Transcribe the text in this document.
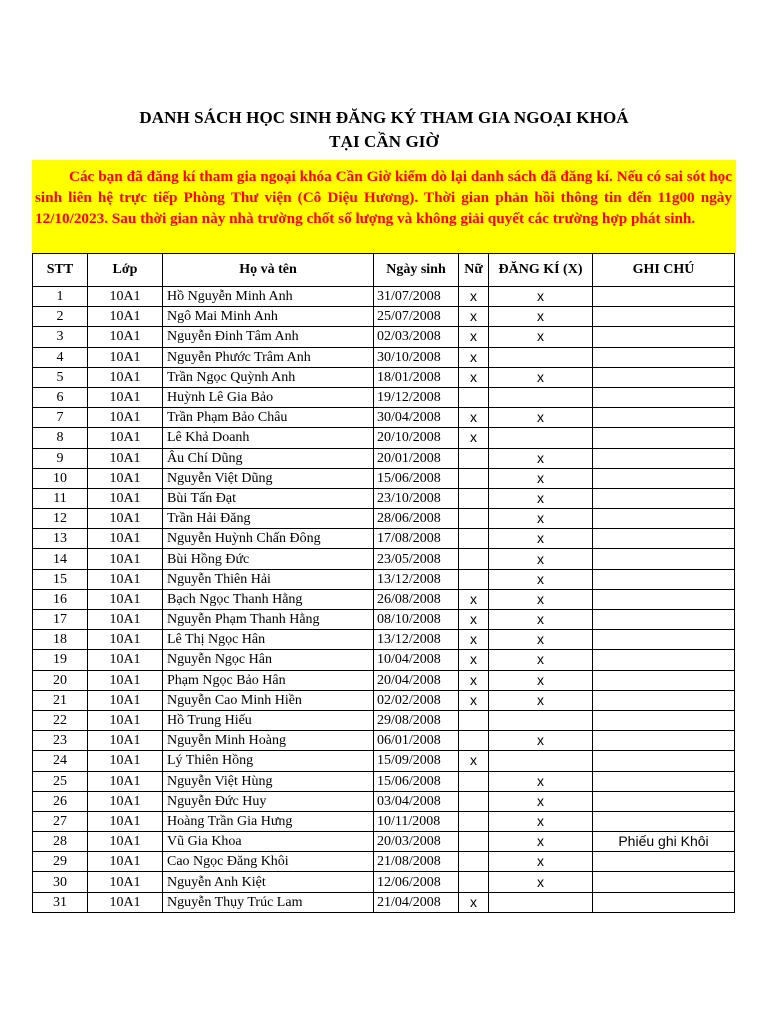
DANH SÁCH HỌC SINH ĐĂNG KÝ THAM GIA NGOẠI KHOÁ
TẠI CẦN GIỜ
Các bạn đã đăng kí tham gia ngoại khóa Cần Giờ kiểm dò lại danh sách đã đăng kí. Nếu có sai sót học sinh liên hệ trực tiếp Phòng Thư viện (Cô Diệu Hương). Thời gian phản hồi thông tin đến 11g00 ngày 12/10/2023. Sau thời gian này nhà trường chốt số lượng và không giải quyết các trường hợp phát sinh.
STT	Lớp	Họ và tên	Ngày sinh	Nữ	ĐĂNG KÍ (X)	GHI CHÚ
1	10A1	Hồ Nguyễn Minh Anh	31/07/2008	x	x	
2	10A1	Ngô Mai Minh Anh	25/07/2008	x	x	
3	10A1	Nguyễn Đinh Tâm Anh	02/03/2008	x	x	
4	10A1	Nguyễn Phước Trâm Anh	30/10/2008	x		
5	10A1	Trần Ngọc Quỳnh Anh	18/01/2008	x	x	
6	10A1	Huỳnh Lê Gia Bảo	19/12/2008			
7	10A1	Trần Phạm Bảo Châu	30/04/2008	x	x	
8	10A1	Lê Khả Doanh	20/10/2008	x		
9	10A1	Âu Chí Dũng	20/01/2008		x	
10	10A1	Nguyễn Việt Dũng	15/06/2008		x	
11	10A1	Bùi Tấn Đạt	23/10/2008		x	
12	10A1	Trần Hải Đăng	28/06/2008		x	
13	10A1	Nguyễn Huỳnh Chấn Đông	17/08/2008		x	
14	10A1	Bùi Hồng Đức	23/05/2008		x	
15	10A1	Nguyễn Thiên Hải	13/12/2008		x	
16	10A1	Bạch Ngọc Thanh Hằng	26/08/2008	x	x	
17	10A1	Nguyễn Phạm Thanh Hằng	08/10/2008	x	x	
18	10A1	Lê Thị Ngọc Hân	13/12/2008	x	x	
19	10A1	Nguyễn Ngọc Hân	10/04/2008	x	x	
20	10A1	Phạm Ngọc Bảo Hân	20/04/2008	x	x	
21	10A1	Nguyễn Cao Minh Hiền	02/02/2008	x	x	
22	10A1	Hồ Trung Hiếu	29/08/2008			
23	10A1	Nguyễn Minh Hoàng	06/01/2008		x	
24	10A1	Lý Thiên Hồng	15/09/2008	x		
25	10A1	Nguyễn Việt Hùng	15/06/2008		x	
26	10A1	Nguyễn Đức Huy	03/04/2008		x	
27	10A1	Hoàng Trần Gia Hưng	10/11/2008		x	
28	10A1	Vũ Gia Khoa	20/03/2008		x	Phiếu ghi Khôi
29	10A1	Cao Ngọc Đăng Khôi	21/08/2008		x	
30	10A1	Nguyễn Anh Kiệt	12/06/2008		x	
31	10A1	Nguyễn Thụy Trúc Lam	21/04/2008	x		
